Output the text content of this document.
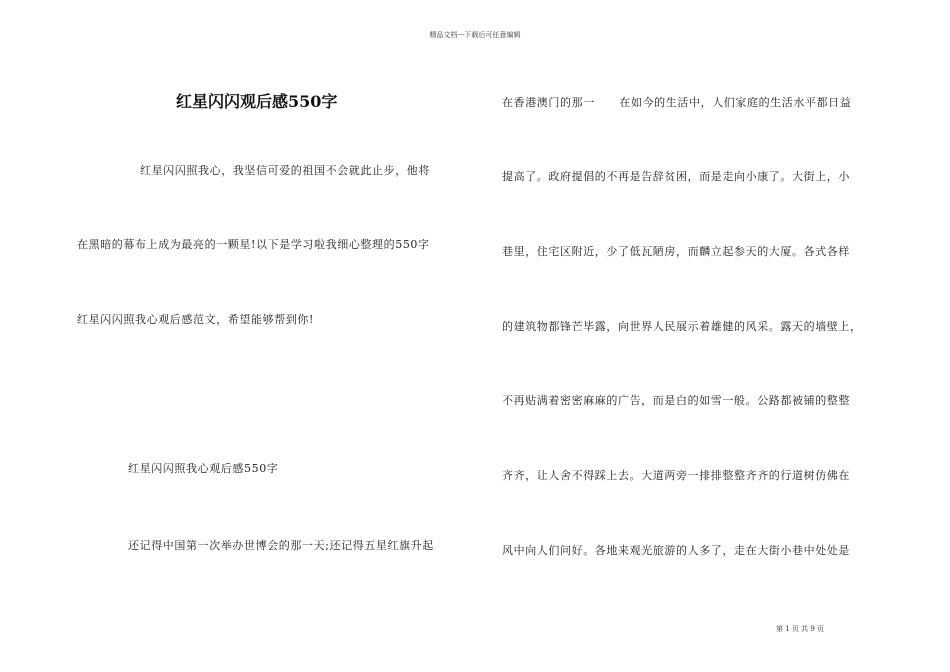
精品文档---下载后可任意编辑
红星闪闪观后感550字
红星闪闪照我心，我坚信可爱的祖国不会就此止步，他将
在黑暗的幕布上成为最亮的一颗星!以下是学习啦我细心整理的550字
红星闪闪照我心观后感范文，希望能够帮到你!
红星闪闪照我心观后感550字
还记得中国第一次举办世博会的那一天;还记得五星红旗升起
在香港澳门的那一      在如今的生活中，人们家庭的生活水平都日益
提高了。政府提倡的不再是告辞贫困，而是走向小康了。大街上，小
巷里，住宅区附近，少了低瓦陋房，而麟立起参天的大厦。各式各样
的建筑物都锋芒毕露，向世界人民展示着雄健的风采。露天的墙壁上，
不再贴满着密密麻麻的广告，而是白的如雪一般。公路都被铺的整整
齐齐，让人舍不得踩上去。大道两旁一排排整整齐齐的行道树仿佛在
风中向人们问好。各地来观光旅游的人多了，走在大街小巷中处处是
第 1 页 共 9 页
